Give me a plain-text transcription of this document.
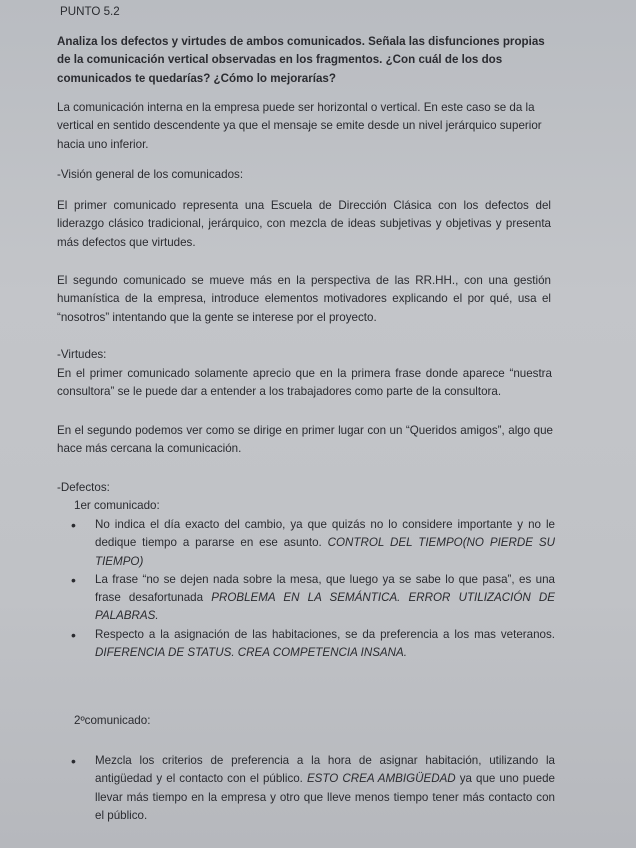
PUNTO 5.2
Analiza los defectos y virtudes de ambos comunicados. Señala las disfunciones propias de la comunicación vertical observadas en los fragmentos. ¿Con cuál de los dos comunicados te quedarías? ¿Cómo lo mejorarías?
La comunicación interna en la empresa puede ser horizontal o vertical. En este caso se da la vertical en sentido descendente ya que el mensaje se emite desde un nivel jerárquico superior hacia uno inferior.
-Visión general de los comunicados:
El primer comunicado representa una Escuela de Dirección Clásica con los defectos del liderazgo clásico tradicional, jerárquico, con mezcla de ideas subjetivas y objetivas y presenta más defectos que virtudes.
El segundo comunicado se mueve más en la perspectiva de las RR.HH., con una gestión humanística de la empresa, introduce elementos motivadores explicando el por qué, usa el “nosotros” intentando que la gente se interese por el proyecto.
-Virtudes:
En el primer comunicado solamente aprecio que en la primera frase donde aparece “nuestra consultora” se le puede dar a entender a los trabajadores como parte de la consultora.
En el segundo podemos ver como se dirige en primer lugar con un “Queridos amigos”, algo que hace más cercana la comunicación.
-Defectos:
1er comunicado:
• No indica el día exacto del cambio, ya que quizás no lo considere importante y no le dedique tiempo a pararse en ese asunto. CONTROL DEL TIEMPO(NO PIERDE SU TIEMPO)
• La frase “no se dejen nada sobre la mesa, que luego ya se sabe lo que pasa”, es una frase desafortunada PROBLEMA EN LA SEMÁNTICA. ERROR UTILIZACIÓN DE PALABRAS.
• Respecto a la asignación de las habitaciones, se da preferencia a los mas veteranos. DIFERENCIA DE STATUS. CREA COMPETENCIA INSANA.
2ºcomunicado:
• Mezcla los criterios de preferencia a la hora de asignar habitación, utilizando la antigüedad y el contacto con el público. ESTO CREA AMBIGÜEDAD ya que uno puede llevar más tiempo en la empresa y otro que lleve menos tiempo tener más contacto con el público.
